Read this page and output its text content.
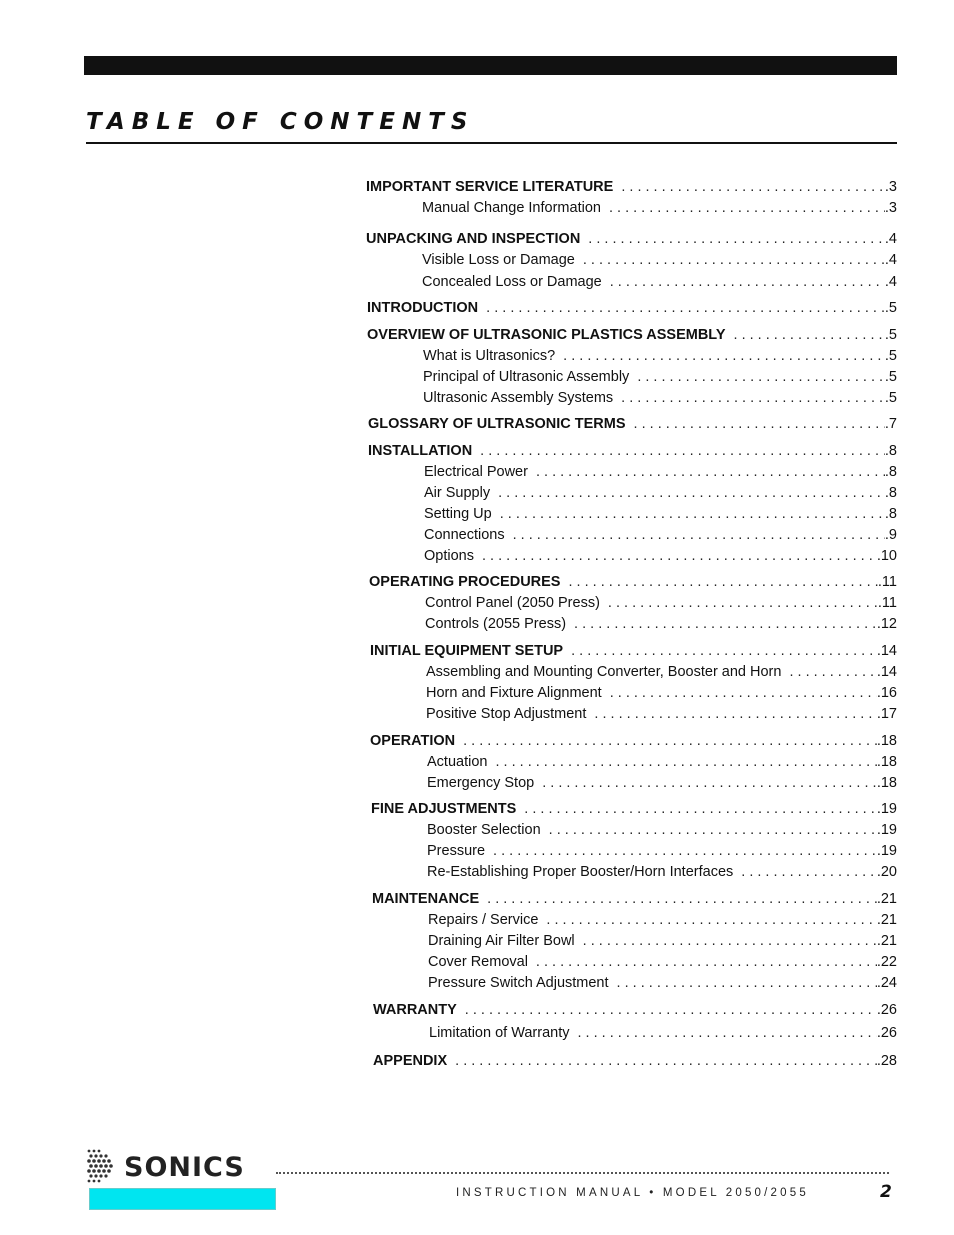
TABLE OF CONTENTS
IMPORTANT SERVICE LITERATURE . . .	.3
Manual Change Information . . .	.3
UNPACKING AND INSPECTION . . .	.4
Visible Loss or Damage . . .	.4
Concealed Loss or Damage . . .	.4
INTRODUCTION . . .	.5
OVERVIEW OF ULTRASONIC PLASTICS ASSEMBLY . . .	.5
What is Ultrasonics? . . .	.5
Principal of Ultrasonic Assembly . . .	.5
Ultrasonic Assembly Systems . . .	.5
GLOSSARY OF ULTRASONIC TERMS . . .	.7
INSTALLATION . . .	.8
Electrical Power . . .	.8
Air Supply . . .	.8
Setting Up . . .	.8
Connections . . .	.9
Options . . .	.10
OPERATING PROCEDURES . . .	.11
Control Panel (2050 Press) . . .	.11
Controls (2055 Press) . . .	.12
INITIAL EQUIPMENT SETUP . . .	.14
Assembling and Mounting Converter, Booster and Horn . . .	.14
Horn and Fixture Alignment . . .	.16
Positive Stop Adjustment . . .	.17
OPERATION . . .	.18
Actuation . . .	.18
Emergency Stop . . .	.18
FINE ADJUSTMENTS . . .	.19
Booster Selection . . .	.19
Pressure . . .	.19
Re-Establishing Proper Booster/Horn Interfaces . . .	.20
MAINTENANCE . . .	.21
Repairs / Service . . .	.21
Draining Air Filter Bowl . . .	.21
Cover Removal . . .	.22
Pressure Switch Adjustment . . .	.24
WARRANTY . . .	.26
Limitation of Warranty . . .	.26
APPENDIX . . .	.28
SONICS
INSTRUCTION MANUAL • MODEL 2050/2055	2
